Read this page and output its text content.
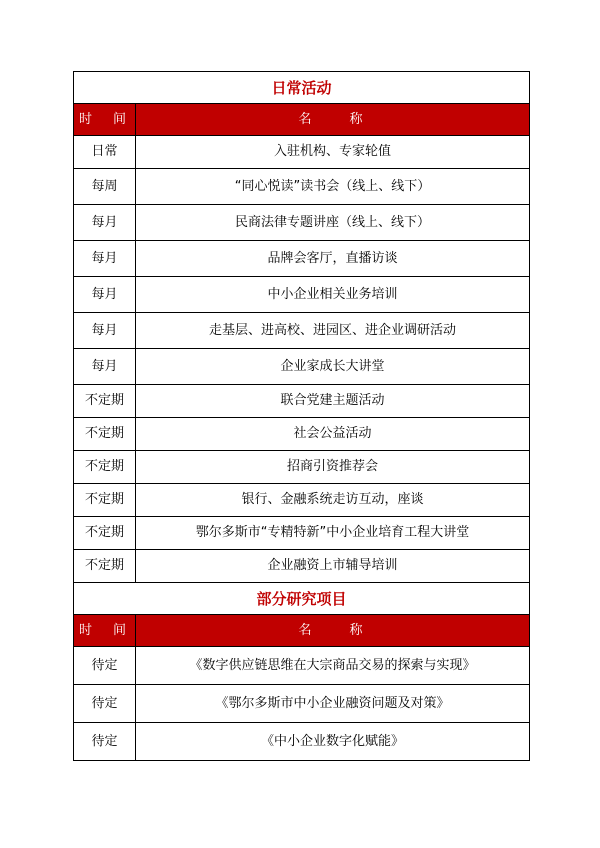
日常活动	
时　间	名　　称
日常	入驻机构、专家轮值
每周	“同心悦读”读书会（线上、线下）
每月	民商法律专题讲座（线上、线下）
每月	品牌会客厅，直播访谈
每月	中小企业相关业务培训
每月	走基层、进高校、进园区、进企业调研活动
每月	企业家成长大讲堂
不定期	联合党建主题活动
不定期	社会公益活动
不定期	招商引资推荐会
不定期	银行、金融系统走访互动，座谈
不定期	鄂尔多斯市“专精特新”中小企业培育工程大讲堂
不定期	企业融资上市辅导培训
部分研究项目	
时　间	名　　称
待定	《数字供应链思维在大宗商品交易的探索与实现》
待定	《鄂尔多斯市中小企业融资问题及对策》
待定	《中小企业数字化赋能》
